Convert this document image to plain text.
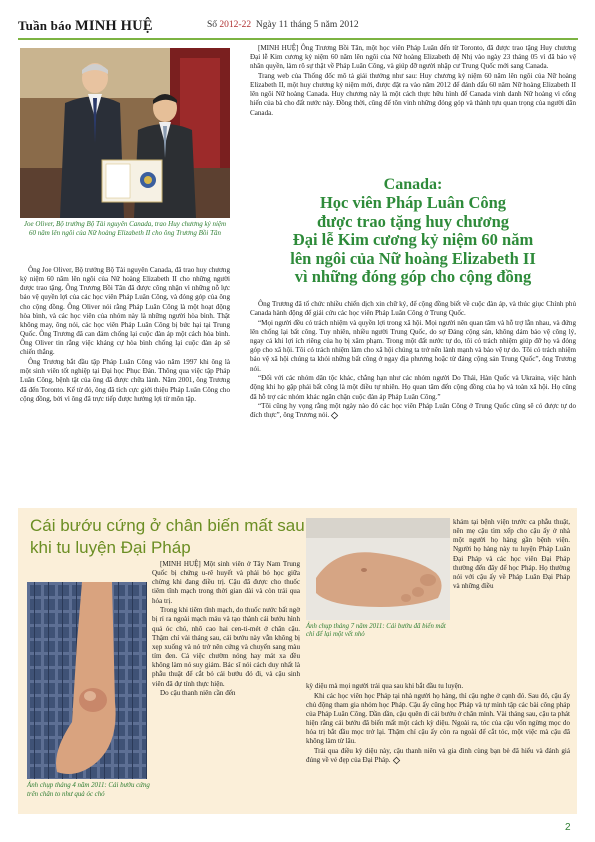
Tuần báo MINH HUỆ	Số 2012-22 Ngày 11 tháng 5 năm 2012
Joe Oliver, Bộ trưởng Bộ Tài nguyên Canada, trao Huy chương kỷ niệm 60 năm lên ngôi của Nữ hoàng Elizabeth II cho ông Trương Bồi Tân

[MINH HUỆ] Ông Trương Bồi Tân, một học viên Pháp Luân đến từ Toronto, đã được trao tặng Huy chương Đại lễ Kim cương kỷ niệm 60 năm lên ngôi của Nữ hoàng Elizabeth đệ Nhị vào ngày 23 tháng 05 vì đã bảo vệ nhân quyền, làm rõ sự thật về Pháp Luân Công, và giúp đỡ người nhập cư Trung Quốc mới sang Canada.

Trang web của Thống đốc mô tả giải thưởng như sau: Huy chương kỷ niệm 60 năm lên ngôi của Nữ hoàng Elizabeth II, một huy chương kỷ niệm mới, được đặt ra vào năm 2012 để đánh dấu 60 năm Nữ hoàng Elizabeth II lên ngôi Nữ hoàng Canada. Huy chương này là một cách thực hữu hình để Canada vinh danh Nữ hoàng vì cống hiến của bà cho đất nước này. Đồng thời, cũng để tôn vinh những đóng góp và thành tựu quan trọng của người dân Canada.

Canada:
Học viên Pháp Luân Công
được trao tặng huy chương
Đại lễ Kim cương kỷ niệm 60 năm
lên ngôi của Nữ hoàng Elizabeth II
vì những đóng góp cho cộng đồng

Ông Joe Oliver, Bộ trưởng Bộ Tài nguyên Canada, đã trao huy chương kỷ niệm 60 năm lên ngôi của Nữ hoàng Elizabeth II cho những người được trao tặng. Ông Trương Bồi Tân đã được công nhận vì những nỗ lực bảo vệ quyền lợi của các học viên Pháp Luân Công, và đóng góp của ông cho cộng đồng. Ông Oliver nói rằng Pháp Luân Công là một hoạt động hòa bình, và các học viên của nhóm này là những người hòa bình. Thật không may, ông nói, các học viên Pháp Luân Công bị bức hại tại Trung Quốc. Ông Trương đã can đảm chống lại cuộc đàn áp một cách hòa bình. Ông Oliver tin rằng việc kháng cự hòa bình chống lại cuộc đàn áp sẽ chiến thắng.

Ông Trương bắt đầu tập Pháp Luân Công vào năm 1997 khi ông là một sinh viên tốt nghiệp tại Đại học Phục Đán. Thông qua việc tập Pháp Luân Công, bệnh tật của ông đã được chữa lành. Năm 2001, ông Trương đã đến Toronto. Kể từ đó, ông đã tích cực giới thiệu Pháp Luân Công cho cộng đồng, bởi vì ông đã trực tiếp được hưởng lợi từ môn tập.

Ông Trương đã tổ chức nhiều chiến dịch xin chữ ký, để cộng đồng biết về cuộc đàn áp, và thúc giục Chính phủ Canada hành động để giải cứu các học viên Pháp Luân Công ở Trung Quốc.

“Mọi người đều có trách nhiệm và quyền lợi trong xã hội. Mọi người nên quan tâm và hỗ trợ lẫn nhau, và đứng lên chống lại bất công. Tuy nhiên, nhiều người Trung Quốc, do sợ Đảng cộng sản, không dám bảo vệ công lý, ngay cả khi lợi ích riêng của họ bị xâm phạm. Trong một đất nước tự do, tôi có trách nhiệm giúp đỡ họ và đóng góp cho xã hội. Tôi có trách nhiệm làm cho xã hội chúng ta trở nên lành mạnh và bảo vệ tự do. Tôi có trách nhiệm bảo vệ xã hội chúng ta khỏi những bất công ở ngay địa phương hoặc từ đảng cộng sản Trung Quốc”, ông Trương nói.

“Đối với các nhóm dân tộc khác, chẳng hạn như các nhóm người Do Thái, Hàn Quốc và Ukraina, việc hành động khi họ gặp phải bất công là một điều tự nhiên. Họ quan tâm đến cộng đồng của họ và toàn xã hội. Họ cũng đã hỗ trợ các nhóm khác ngăn chặn cuộc đàn áp Pháp Luân Công.”

“Tôi cũng hy vọng rằng một ngày nào đó các học viên Pháp Luân Công ở Trung Quốc cũng sẽ có được tự do đích thực”, ông Trương nói.

Cái bướu cứng ở chân biến mất sau khi tu luyện Đại Pháp
Ảnh chụp tháng 4 năm 2011: Cái bướu cứng trên chân to như quả óc chó

[MINH HUỆ] Một sinh viên ở Tây Nam Trung Quốc bị chứng u-rê huyết và phải bỏ học giữa chừng khi đang điều trị. Cậu đã được cho thuốc tiêm tĩnh mạch trong thời gian dài và còn trải qua hóa trị.

Trong khi tiêm tĩnh mạch, do thuốc nước bất ngờ bị rỉ ra ngoài mạch máu và tạo thành cái bướu hình quả óc chó, nhô cao hai cen-ti-mét ở chân cậu. Thậm chí vài tháng sau, cái bướu này vẫn không bị xẹp xuống và nó trở nên cứng và chuyển sang màu tím đen. Cả việc chườm nóng hay mát xa đều không làm nó suy giảm. Bác sĩ nói cách duy nhất là phẫu thuật để cắt bỏ cái bướu đó đi, và cậu sinh viên đã đự tính thực hiện.

Do cậu thanh niên cần đến

Ảnh chụp tháng 7 năm 2011: Cái bướu đã biến mất chỉ để lại một vết nhỏ

khám tại bệnh viện trước ca phẫu thuật, nên mẹ cậu tìm xếp cho cậu ấy ở nhà một người họ hàng gần bệnh viện. Người họ hàng này tu luyện Pháp Luân Đại Pháp và các học viên Đại Pháp thường đến đây để học Pháp. Họ thường nói với cậu ấy về Pháp Luân Đại Pháp và những điều

kỳ diệu mà mọi người trải qua sau khi bắt đầu tu luyện.

Khi các học viên học Pháp tại nhà người họ hàng, thì cậu nghe ở cạnh đó. Sau đó, cậu ấy chủ động tham gia nhóm học Pháp. Cậu ấy cũng học Pháp và tự mình tập các bài công pháp của Pháp Luân Công. Dần dần, cậu quên đi cái bướu ở chân mình. Vài tháng sau, cậu ta phát hiện rằng cái bướu đã biến mất một cách kỳ diệu. Ngoài ra, tóc của cậu vốn ngừng mọc do hóa trị bắt đầu mọc trở lại. Thậm chí cậu ấy còn ra ngoài để cắt tóc, một việc mà cậu đã không làm từ lâu.

Trải qua điều kỳ diệu này, cậu thanh niên và gia đình cùng bạn bè đã hiểu và đánh giá đúng về vẻ đẹp của Đại Pháp.

2
